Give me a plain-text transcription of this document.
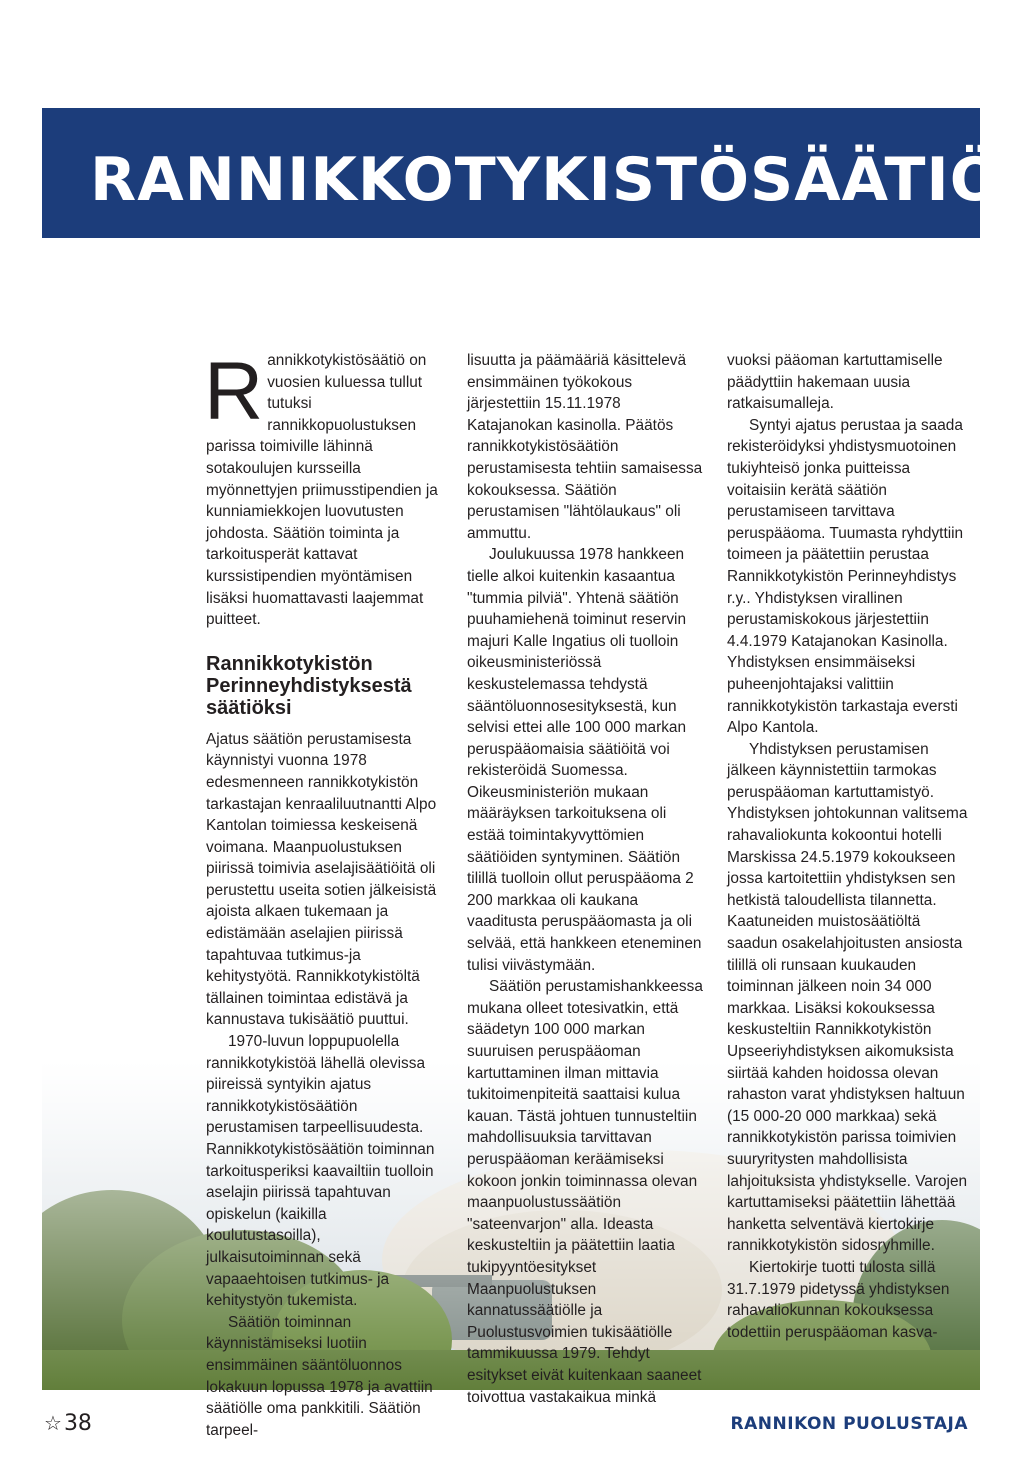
RANNIKKOTYKISTÖSÄÄTIÖ

Rannikkotykistösäätiö on vuosien kuluessa tullut tutuksi rannikkopuolustuksen parissa toimiville lähinnä sotakoulujen kursseilla myönnettyjen priimusstipendien ja kunniamiekkojen luovutusten johdosta. Säätiön toiminta ja tarkoitusperät kattavat kurssistipendien myöntämisen lisäksi huomattavasti laajemmat puitteet.

Rannikkotykistön Perinneyhdistyksestä säätiöksi

Ajatus säätiön perustamisesta käynnistyi vuonna 1978 edesmenneen rannikkotykistön tarkastajan kenraaliluutnantti Alpo Kantolan toimiessa keskeisenä voimana. Maanpuolustuksen piirissä toimivia aselajisäätiöitä oli perustettu useita sotien jälkeisistä ajoista alkaen tukemaan ja edistämään aselajien piirissä tapahtuvaa tutkimus-ja kehitystyötä. Rannikkotykistöltä tällainen toimintaa edistävä ja kannustava tukisäätiö puuttui.

1970-luvun loppupuolella rannikkotykistöä lähellä olevissa piireissä syntyikin ajatus rannikkotykistösäätiön perustamisen tarpeellisuudesta. Rannikkotykistösäätiön toiminnan tarkoitusperiksi kaavailtiin tuolloin aselajin piirissä tapahtuvan opiskelun (kaikilla koulutustasoilla), julkaisutoiminnan sekä vapaaehtoisen tutkimus- ja kehitystyön tukemista.

Säätiön toiminnan käynnistämiseksi luotiin ensimmäinen sääntöluonnos lokakuun lopussa 1978 ja avattiin säätiölle oma pankkitili. Säätiön tarpeel-

lisuutta ja päämääriä käsittelevä ensimmäinen työkokous järjestettiin 15.11.1978 Katajanokan kasinolla. Päätös rannikkotykistösäätiön perustamisesta tehtiin samaisessa kokouksessa. Säätiön perustamisen "lähtölaukaus" oli ammuttu.

Joulukuussa 1978 hankkeen tielle alkoi kuitenkin kasaantua "tummia pilviä". Yhtenä säätiön puuhamiehenä toiminut reservin majuri Kalle Ingatius oli tuolloin oikeusministeriössä keskustelemassa tehdystä sääntöluonnosesityksestä, kun selvisi ettei alle 100 000 markan peruspääomaisia säätiöitä voi rekisteröidä Suomessa. Oikeusministeriön mukaan määräyksen tarkoituksena oli estää toimintakyvyttömien säätiöiden syntyminen. Säätiön tilillä tuolloin ollut peruspääoma 2 200 markkaa oli kaukana vaaditusta peruspääomasta ja oli selvää, että hankkeen eteneminen tulisi viivästymään.

Säätiön perustamishankkeessa mukana olleet totesivatkin, että säädetyn 100 000 markan suuruisen peruspääoman kartuttaminen ilman mittavia tukitoimenpiteitä saattaisi kulua kauan. Tästä johtuen tunnusteltiin mahdollisuuksia tarvittavan peruspääoman keräämiseksi kokoon jonkin toiminnassa olevan maanpuolustussäätiön "sateenvarjon" alla. Ideasta keskusteltiin ja päätettiin laatia tukipyyntöesitykset Maanpuolustuksen kannatussäätiölle ja Puolustusvoimien tukisäätiölle tammikuussa 1979. Tehdyt esitykset eivät kuitenkaan saaneet toivottua vastakaikua minkä

vuoksi pääoman kartuttamiselle päädyttiin hakemaan uusia ratkaisumalleja.

Syntyi ajatus perustaa ja saada rekisteröidyksi yhdistysmuotoinen tukiyhteisö jonka puitteissa voitaisiin kerätä säätiön perustamiseen tarvittava peruspääoma. Tuumasta ryhdyttiin toimeen ja päätettiin perustaa Rannikkotykistön Perinneyhdistys r.y.. Yhdistyksen virallinen perustamiskokous järjestettiin 4.4.1979 Katajanokan Kasinolla. Yhdistyksen ensimmäiseksi puheenjohtajaksi valittiin rannikkotykistön tarkastaja eversti Alpo Kantola.

Yhdistyksen perustamisen jälkeen käynnistettiin tarmokas peruspääoman kartuttamistyö. Yhdistyksen johtokunnan valitsema rahavaliokunta kokoontui hotelli Marskissa 24.5.1979 kokoukseen jossa kartoitettiin yhdistyksen sen hetkistä taloudellista tilannetta. Kaatuneiden muistosäätiöltä saadun osakelahjoitusten ansiosta tilillä oli runsaan kuukauden toiminnan jälkeen noin 34 000 markkaa. Lisäksi kokouksessa keskusteltiin Rannikkotykistön Upseeriyhdistyksen aikomuksista siirtää kahden hoidossa olevan rahaston varat yhdistyksen haltuun (15 000-20 000 markkaa) sekä rannikkotykistön parissa toimivien suuryritysten mahdollisista lahjoituksista yhdistykselle. Varojen kartuttamiseksi päätettiin lähettää hanketta selventävä kiertokirje rannikkotykistön sidosryhmille.

Kiertokirje tuotti tulosta sillä 31.7.1979 pidetyssä yhdistyksen rahavaliokunnan kokouksessa todettiin peruspääoman kasva-

☆38	RANNIKON PUOLUSTAJA
